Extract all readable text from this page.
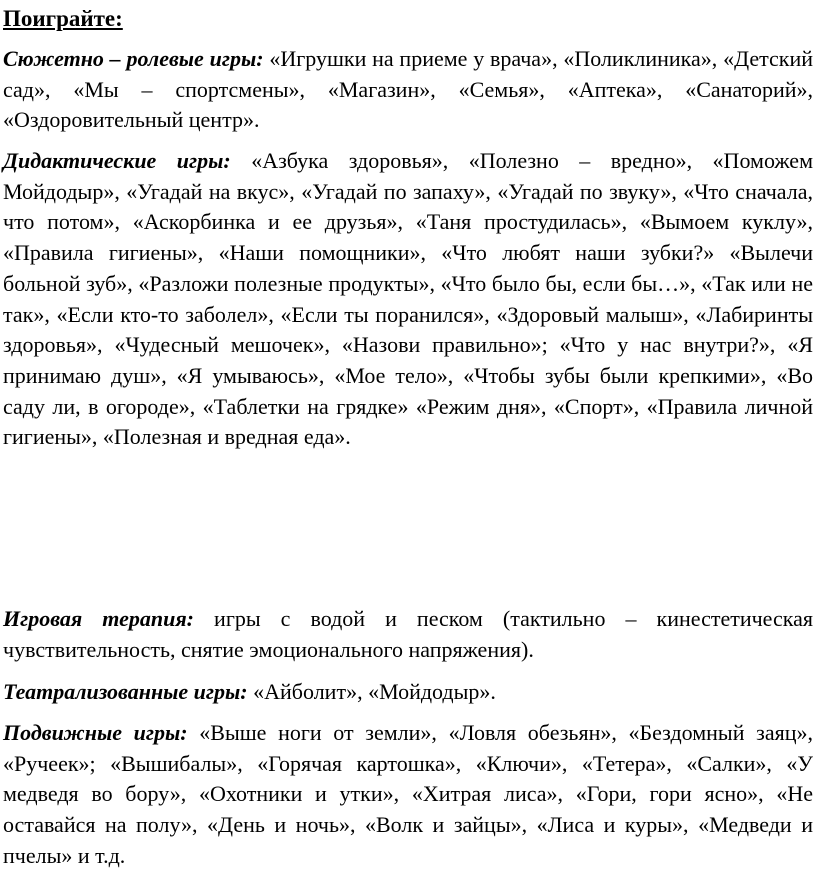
Поиграйте:

Сюжетно – ролевые игры: «Игрушки на приеме у врача», «Поликлиника», «Детский сад», «Мы – спортсмены», «Магазин», «Семья», «Аптека», «Санаторий», «Оздоровительный центр».

Дидактические игры: «Азбука здоровья», «Полезно – вредно», «Поможем Мойдодыр», «Угадай на вкус», «Угадай по запаху», «Угадай по звуку», «Что сначала, что потом», «Аскорбинка и ее друзья», «Таня простудилась», «Вымоем куклу», «Правила гигиены», «Наши помощники», «Что любят наши зубки?» «Вылечи больной зуб», «Разложи полезные продукты», «Что было бы, если бы…», «Так или не так», «Если кто-то заболел», «Если ты поранился», «Здоровый малыш», «Лабиринты здоровья», «Чудесный мешочек», «Назови правильно»; «Что у нас внутри?», «Я принимаю душ», «Я умываюсь», «Мое тело», «Чтобы зубы были крепкими», «Во саду ли, в огороде», «Таблетки на грядке» «Режим дня», «Спорт», «Правила личной гигиены», «Полезная и вредная еда».

Игровая терапия: игры с водой и песком (тактильно – кинестетическая чувствительность, снятие эмоционального напряжения).

Театрализованные игры: «Айболит», «Мойдодыр».

Подвижные игры: «Выше ноги от земли», «Ловля обезьян», «Бездомный заяц», «Ручеек»; «Вышибалы», «Горячая картошка», «Ключи», «Тетера», «Салки», «У медведя во бору», «Охотники и утки», «Хитрая лиса», «Гори, гори ясно», «Не оставайся на полу», «День и ночь», «Волк и зайцы», «Лиса и куры», «Медведи и пчелы» и т.д.
